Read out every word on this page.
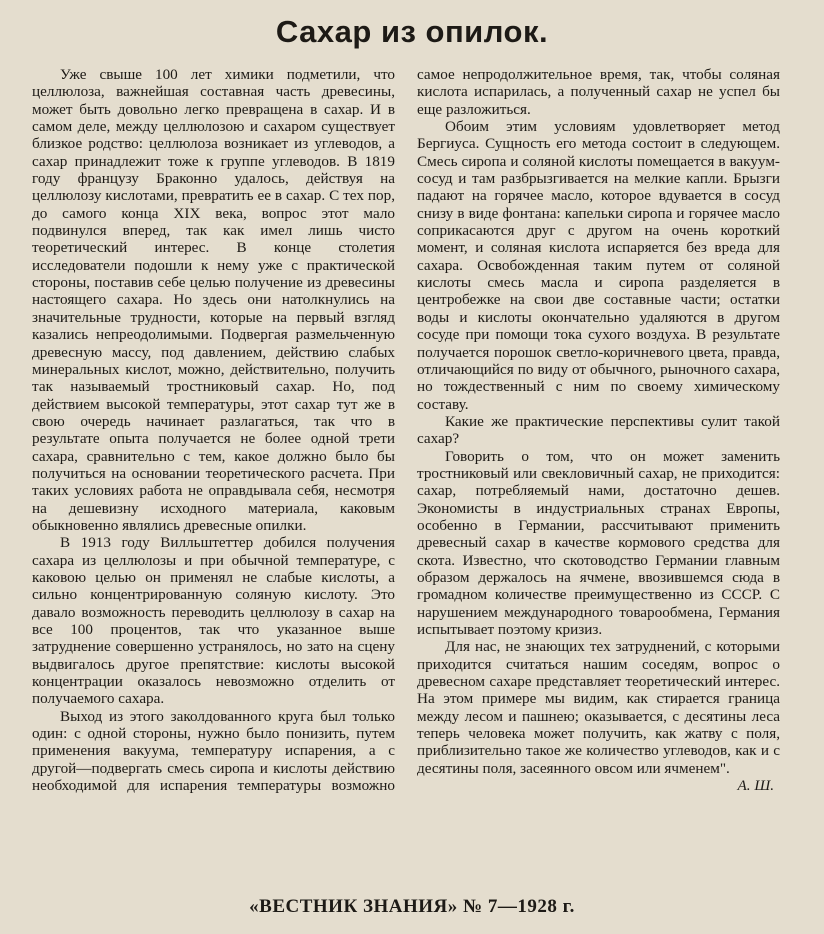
Сахар из опилок.

Уже свыше 100 лет химики подметили, что целлюлоза, важнейшая составная часть древесины, может быть довольно легко превращена в сахар. И в самом деле, между целлюлозою и сахаром существует близкое родство: целлюлоза возникает из углеводов, а сахар принадлежит тоже к группе углеводов. В 1819 году французу Браконно удалось, действуя на целлюлозу кислотами, превратить ее в сахар. С тех пор, до самого конца XIX века, вопрос этот мало подвинулся вперед, так как имел лишь чисто теоретический интерес. В конце столетия исследователи подошли к нему уже с практической стороны, поставив себе целью получение из древесины настоящего сахара. Но здесь они натолкнулись на значительные трудности, которые на первый взгляд казались непреодолимыми. Подвергая размельченную древесную массу, под давлением, действию слабых минеральных кислот, можно, действительно, получить так называемый тростниковый сахар. Но, под действием высокой температуры, этот сахар тут же в свою очередь начинает разлагаться, так что в результате опыта получается не более одной трети сахара, сравнительно с тем, какое должно было бы получиться на основании теоретического расчета. При таких условиях работа не оправдывала себя, несмотря на дешевизну исходного материала, каковым обыкновенно являлись древесные опилки.

В 1913 году Вилльштеттер добился получения сахара из целлюлозы и при обычной температуре, с каковою целью он применял не слабые кислоты, а сильно концентрированную соляную кислоту. Это давало возможность переводить целлюлозу в сахар на все 100 процентов, так что указанное выше затруднение совершенно устранялось, но зато на сцену выдвигалось другое препятствие: кислоты высокой концентрации оказалось невозможно отделить от получаемого сахара.

Выход из этого заколдованного круга был только один: с одной стороны, нужно было понизить, путем применения вакуума, температуру испарения, а с другой—подвергать смесь сиропа и кислоты действию необходимой для испарения температуры возможно самое непродолжительное время, так, чтобы соляная кислота испарилась, а полученный сахар не успел бы еще разложиться.

Обоим этим условиям удовлетворяет метод Бергиуса. Сущность его метода состоит в следующем. Смесь сиропа и соляной кислоты помещается в вакуум-сосуд и там разбрызгивается на мелкие капли. Брызги падают на горячее масло, которое вдувается в сосуд снизу в виде фонтана: капельки сиропа и горячее масло соприкасаются друг с другом на очень короткий момент, и соляная кислота испаряется без вреда для сахара. Освобожденная таким путем от соляной кислоты смесь масла и сиропа разделяется в центробежке на свои две составные части; остатки воды и кислоты окончательно удаляются в другом сосуде при помощи тока сухого воздуха. В результате получается порошок светло-коричневого цвета, правда, отличающийся по виду от обычного, рыночного сахара, но тождественный с ним по своему химическому составу.

Какие же практические перспективы сулит такой сахар?

Говорить о том, что он может заменить тростниковый или свекловичный сахар, не приходится: сахар, потребляемый нами, достаточно дешев. Экономисты в индустриальных странах Европы, особенно в Германии, рассчитывают применить древесный сахар в качестве кормового средства для скота. Известно, что скотоводство Германии главным образом держалось на ячмене, ввозившемся сюда в громадном количестве преимущественно из СССР. С нарушением международного товарообмена, Германия испытывает поэтому кризиз.

Для нас, не знающих тех затруднений, с которыми приходится считаться нашим соседям, вопрос о древесном сахаре представляет теоретический интерес. На этом примере мы видим, как стирается граница между лесом и пашнею; оказывается, с десятины леса теперь человека может получить, как жатву с поля, приблизительно такое же количество углеводов, как и с десятины поля, засеянного овсом или ячменем".

А. Ш.

«ВЕСТНИК ЗНАНИЯ» № 7—1928 г.
